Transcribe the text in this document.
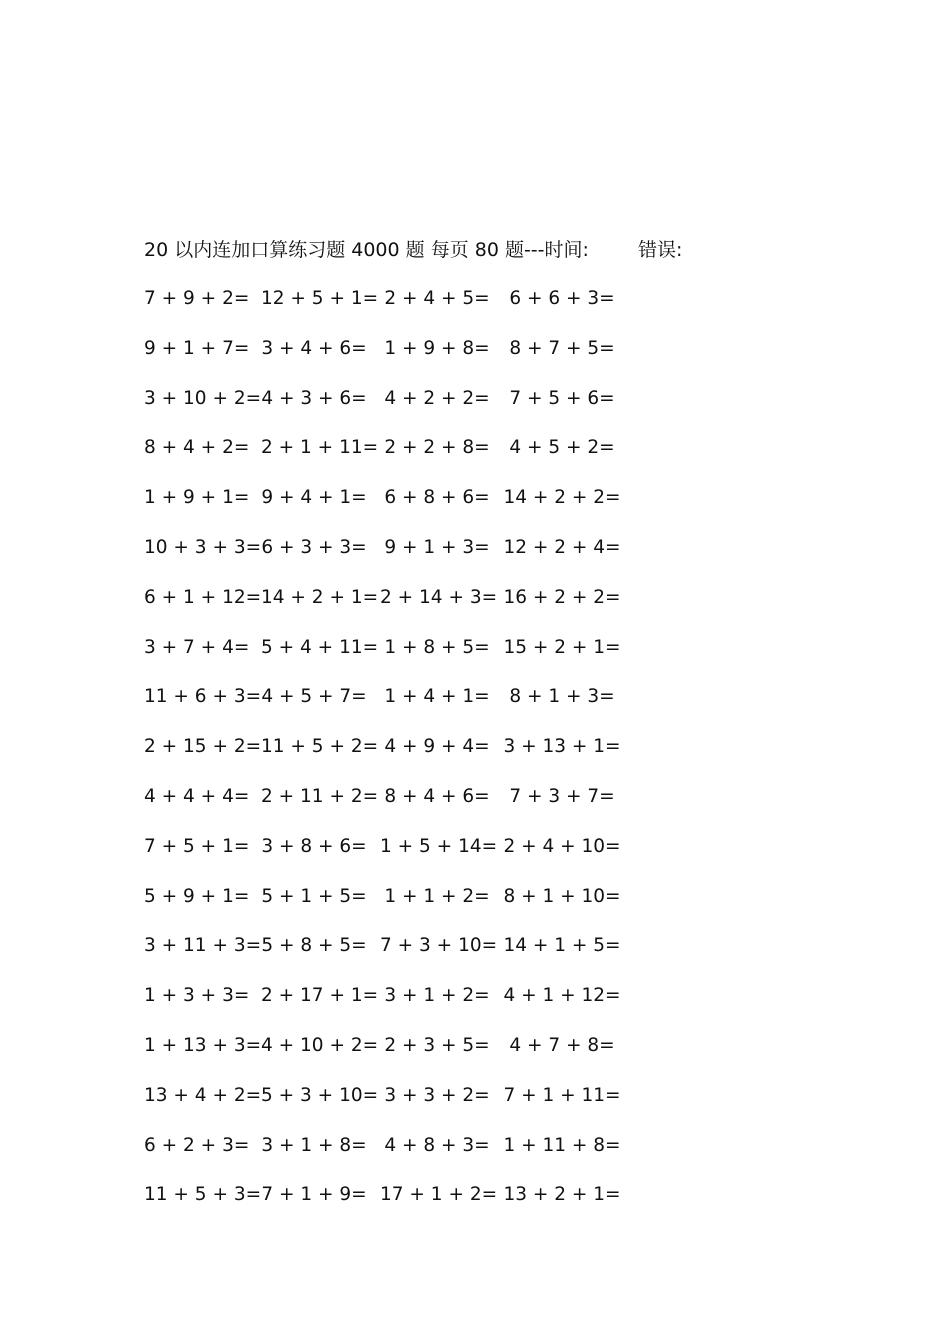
20 以内连加口算练习题 4000 题 每页 80 题---时间:	错误:
7 + 9 + 2= 12 + 5 + 1= 2 + 4 + 5=	6 + 6 + 3=
9 + 1 + 7= 3 + 4 + 6= 1 + 9 + 8=	8 + 7 + 5=
3 + 10 + 2= 4 + 3 + 6= 4 + 2 + 2=	7 + 5 + 6=
8 + 4 + 2= 2 + 1 + 11= 2 + 2 + 8=	4 + 5 + 2=
1 + 9 + 1= 9 + 4 + 1= 6 + 8 + 6= 14 + 2 + 2=
10 + 3 + 3= 6 + 3 + 3= 9 + 1 + 3= 12 + 2 + 4=
6 + 1 + 12= 14 + 2 + 1= 2 + 14 + 3= 16 + 2 + 2=
3 + 7 + 4= 5 + 4 + 11= 1 + 8 + 5= 15 + 2 + 1=
11 + 6 + 3= 4 + 5 + 7= 1 + 4 + 1=	8 + 1 + 3=
2 + 15 + 2= 11 + 5 + 2= 4 + 9 + 4= 3 + 13 + 1=
4 + 4 + 4= 2 + 11 + 2= 8 + 4 + 6=	7 + 3 + 7=
7 + 5 + 1= 3 + 8 + 6= 1 + 5 + 14= 2 + 4 + 10=
5 + 9 + 1= 5 + 1 + 5= 1 + 1 + 2= 8 + 1 + 10=
3 + 11 + 3= 5 + 8 + 5= 7 + 3 + 10= 14 + 1 + 5=
1 + 3 + 3= 2 + 17 + 1= 3 + 1 + 2= 4 + 1 + 12=
1 + 13 + 3= 4 + 10 + 2= 2 + 3 + 5=	4 + 7 + 8=
13 + 4 + 2= 5 + 3 + 10= 3 + 3 + 2= 7 + 1 + 11=
6 + 2 + 3= 3 + 1 + 8= 4 + 8 + 3= 1 + 11 + 8=
11 + 5 + 3= 7 + 1 + 9= 17 + 1 + 2= 13 + 2 + 1=
